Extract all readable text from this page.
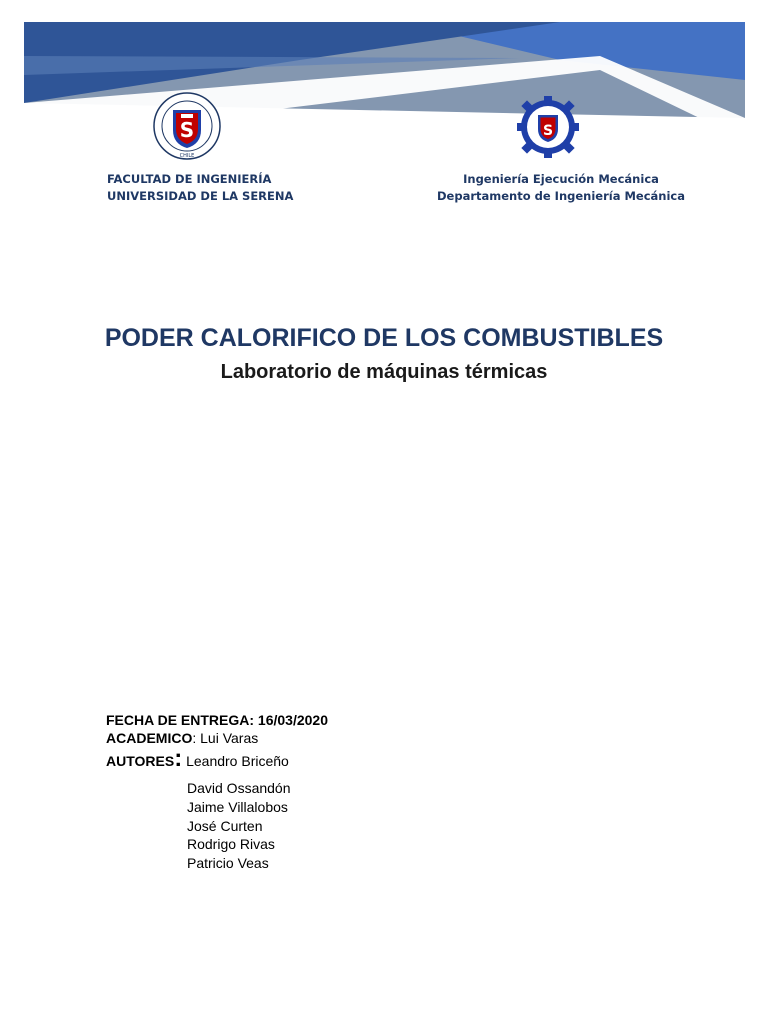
S
CHILE
S
FACULTAD DE INGENIERÍA
UNIVERSIDAD DE LA SERENA
Ingeniería Ejecución Mecánica
Departamento de Ingeniería Mecánica
PODER CALORIFICO DE LOS COMBUSTIBLES
Laboratorio de máquinas térmicas
FECHA DE ENTREGA: 16/03/2020
ACADEMICO: Lui Varas
AUTORES: Leandro Briceño
David Ossandón
Jaime Villalobos
José Curten
Rodrigo Rivas
Patricio Veas
